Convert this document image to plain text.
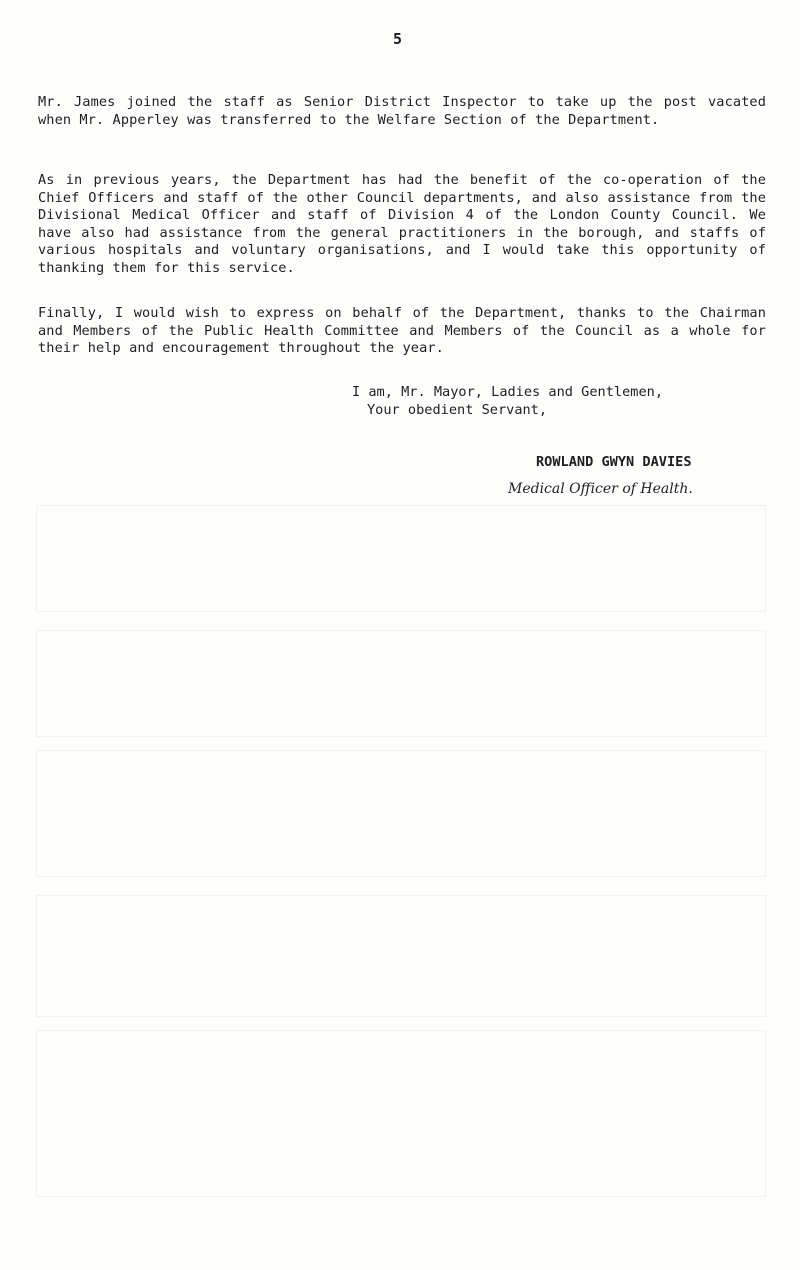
5

Mr. James joined the staff as Senior District Inspector to take up the post vacated when Mr. Apperley was transferred to the Welfare Section of the Department.

As in previous years, the Department has had the benefit of the co-operation of the Chief Officers and staff of the other Council departments, and also assistance from the Divisional Medical Officer and staff of Division 4 of the London County Council. We have also had assistance from the general practitioners in the borough, and staffs of various hospitals and voluntary organisations, and I would take this opportunity of thanking them for this service.

Finally, I would wish to express on behalf of the Department, thanks to the Chairman and Members of the Public Health Committee and Members of the Council as a whole for their help and encouragement throughout the year.

I am, Mr. Mayor, Ladies and Gentlemen,

Your obedient Servant,

ROWLAND GWYN DAVIES

Medical Officer of Health.
